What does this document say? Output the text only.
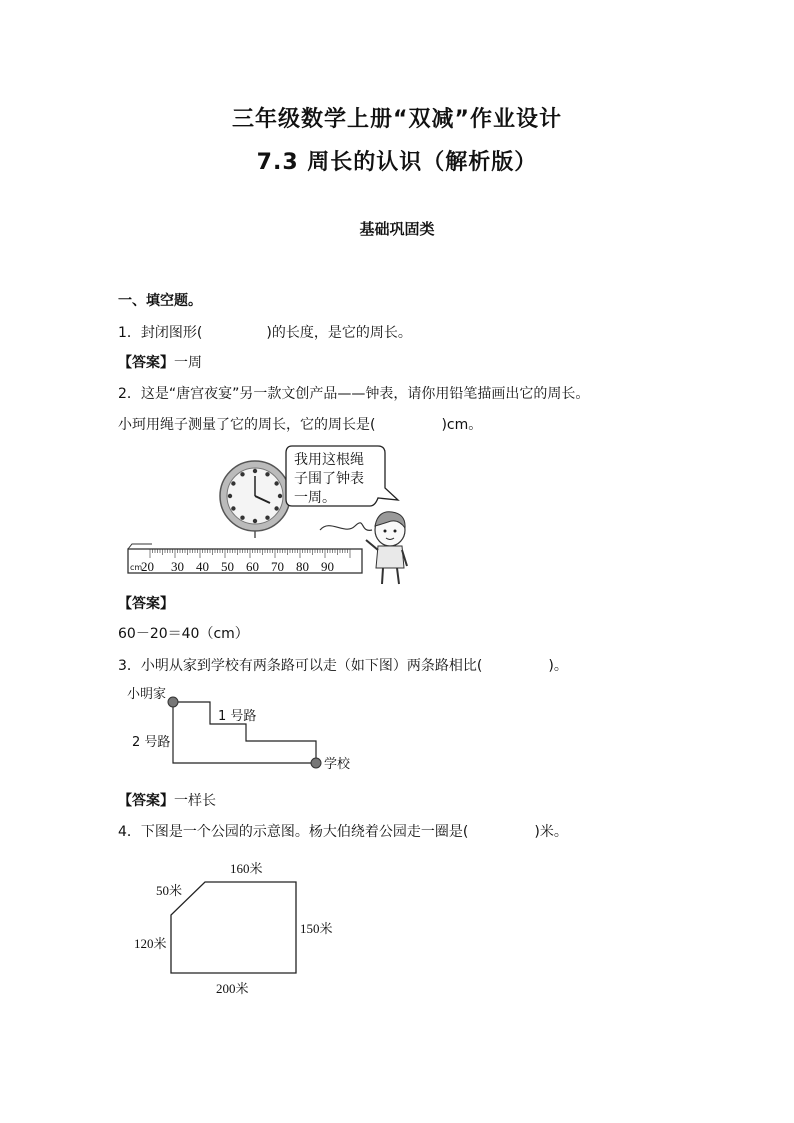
三年级数学上册“双减”作业设计
7.3 周长的认识（解析版）
基础巩固类
一、填空题。
1．封闭图形(	)的长度，是它的周长。
【答案】一周
2．这是“唐宫夜宴”另一款文创产品——钟表，请你用铅笔描画出它的周长。
小珂用绳子测量了它的周长，它的周长是(	)cm。
我用这根绳
子围了钟表
一周。
cm
20 30 40 50 60 70 80 90
【答案】
60－20＝40（cm）
3．小明从家到学校有两条路可以走（如下图）两条路相比(	)。
小明家
1 号路
2 号路
学校
【答案】一样长
4．下图是一个公园的示意图。杨大伯绕着公园走一圈是(	)米。
160米
50米
150米
120米
200米
